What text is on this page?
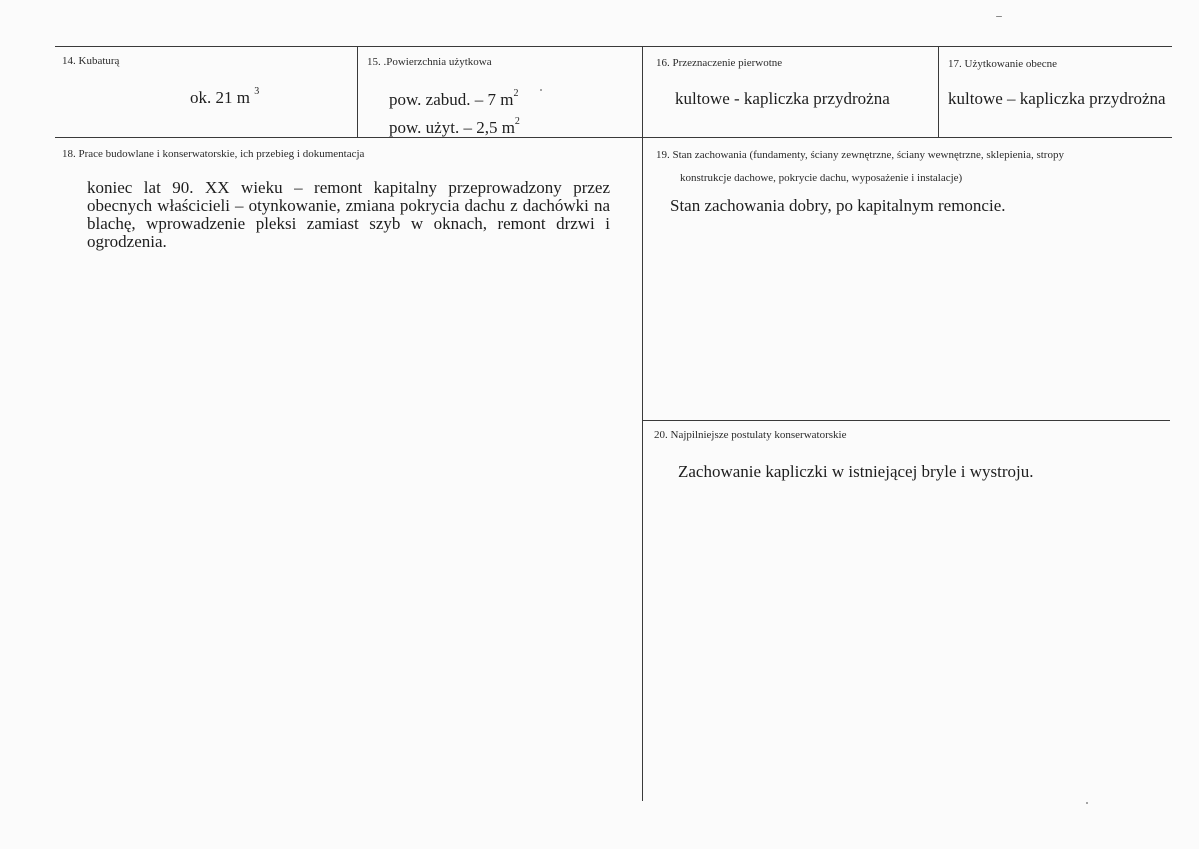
14. Kubaturą
ok. 21 m $^3$
15. .Powierzchnia użytkowa
pow. zabud. – 7 $m^2$
pow. użyt. – 2,5 $m^2$
16. Przeznaczenie pierwotne
kultowe - kapliczka przydrożna
17. Użytkowanie obecne
kultowe – kapliczka przydrożna
18. Prace budowlane i konserwatorskie, ich przebieg i dokumentacja
koniec lat 90. XX wieku – remont kapitalny przeprowadzony przez obecnych właścicieli – otynkowanie, zmiana pokrycia dachu z dachówki na blachę, wprowadzenie pleksi zamiast szyb w oknach, remont drzwi i ogrodzenia.
19. Stan zachowania (fundamenty, ściany zewnętrzne, ściany wewnętrzne, sklepienia, stropy
konstrukcje dachowe, pokrycie dachu, wyposażenie i instalacje)
Stan zachowania dobry, po kapitalnym remoncie.
20. Najpilniejsze postulaty konserwatorskie
Zachowanie kapliczki w istniejącej bryle i wystroju.
